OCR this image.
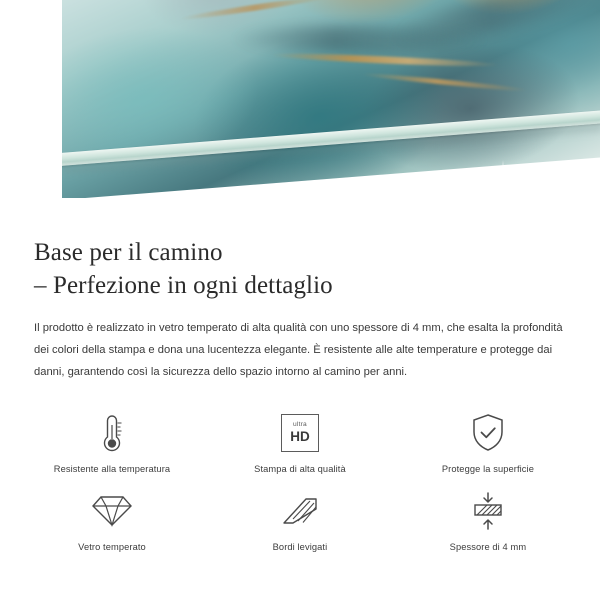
Base per il camino
– Perfezione in ogni dettaglio

Il prodotto è realizzato in vetro temperato di alta qualità con uno spessore di 4 mm, che esalta la profondità dei colori della stampa e dona una lucentezza elegante. È resistente alle alte temperature e protegge dai danni, garantendo così la sicurezza dello spazio intorno al camino per anni.

Resistente alla temperatura
ultra
HD
Stampa di alta qualità	Protegge la superficie
Vetro temperato	Bordi levigati	Spessore di 4 mm
